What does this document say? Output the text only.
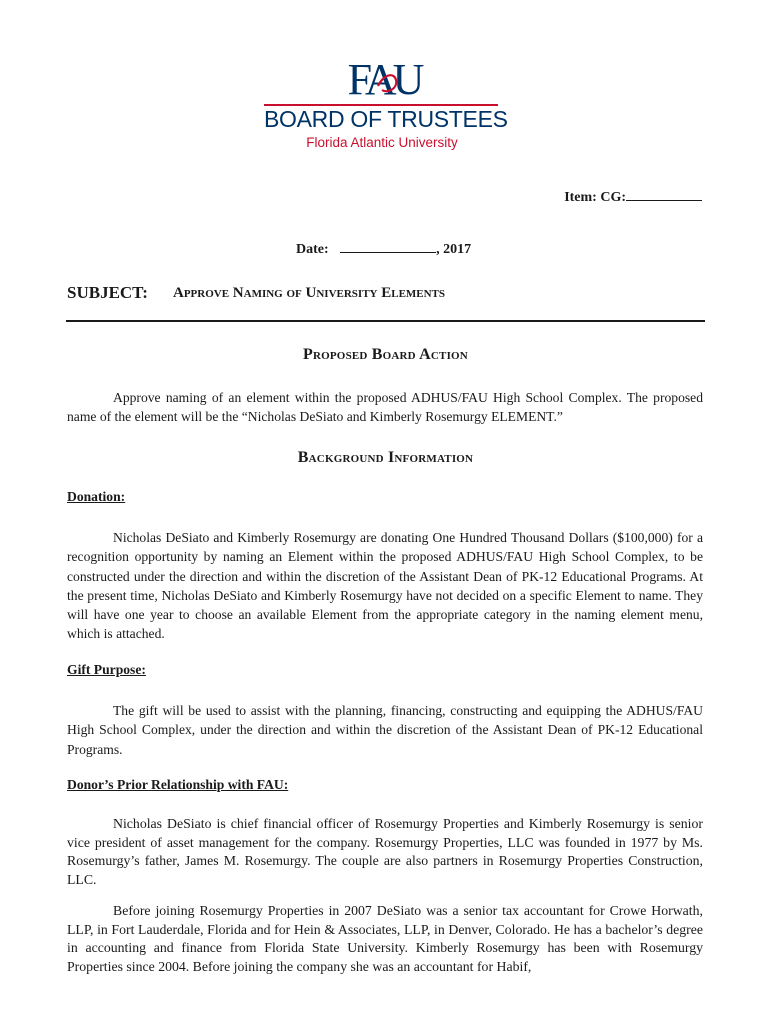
FAU
BOARD OF TRUSTEES
Florida Atlantic University
Item: CG:
Date:	, 2017
SUBJECT: Approve Naming of University Elements
Proposed Board Action

Approve naming of an element within the proposed ADHUS/FAU High School Complex. The proposed name of the element will be the “Nicholas DeSiato and Kimberly Rosemurgy ELEMENT.”

Background Information
Donation:

Nicholas DeSiato and Kimberly Rosemurgy are donating One Hundred Thousand Dollars ($100,000) for a recognition opportunity by naming an Element within the proposed ADHUS/FAU High School Complex, to be constructed under the direction and within the discretion of the Assistant Dean of PK-12 Educational Programs. At the present time, Nicholas DeSiato and Kimberly Rosemurgy have not decided on a specific Element to name. They will have one year to choose an available Element from the appropriate category in the naming element menu, which is attached.

Gift Purpose:

The gift will be used to assist with the planning, financing, constructing and equipping the ADHUS/FAU High School Complex, under the direction and within the discretion of the Assistant Dean of PK-12 Educational Programs.

Donor’s Prior Relationship with FAU:

Nicholas DeSiato is chief financial officer of Rosemurgy Properties and Kimberly Rosemurgy is senior vice president of asset management for the company. Rosemurgy Properties, LLC was founded in 1977 by Ms. Rosemurgy’s father, James M. Rosemurgy. The couple are also partners in Rosemurgy Properties Construction, LLC.

Before joining Rosemurgy Properties in 2007 DeSiato was a senior tax accountant for Crowe Horwath, LLP, in Fort Lauderdale, Florida and for Hein & Associates, LLP, in Denver, Colorado. He has a bachelor’s degree in accounting and finance from Florida State University. Kimberly Rosemurgy has been with Rosemurgy Properties since 2004. Before joining the company she was an accountant for Habif,
